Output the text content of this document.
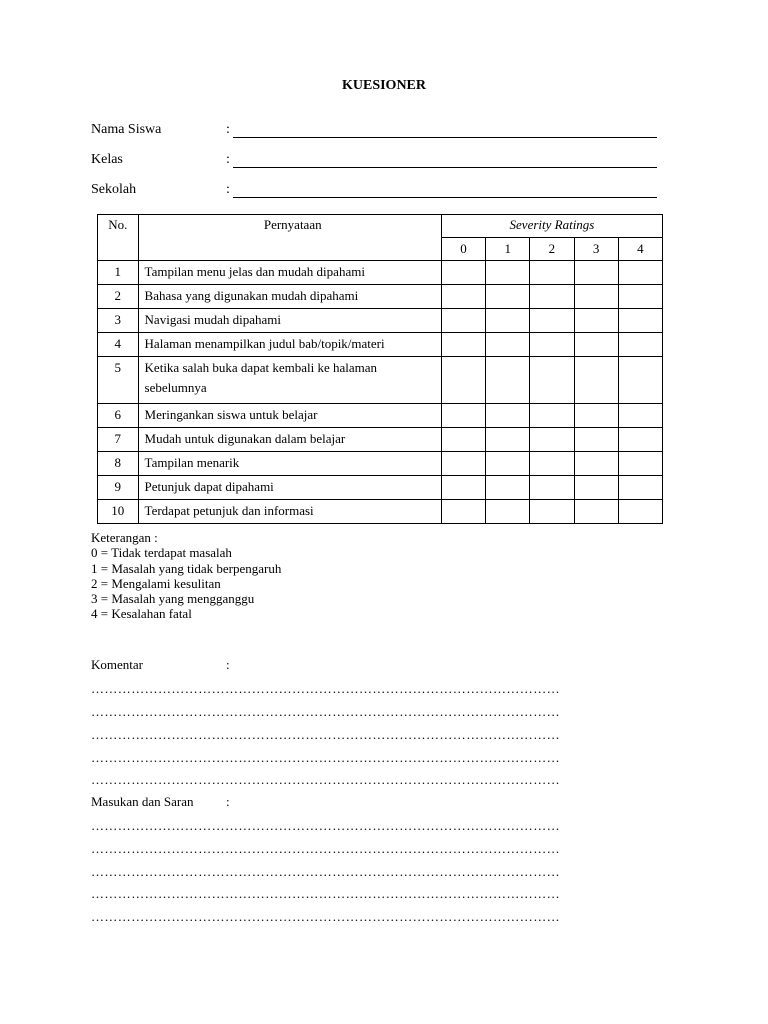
KUESIONER
Nama Siswa	:
Kelas	:
Sekolah	:
No.	Pernyataan	Severity Ratings				
		0	1	2	3	4
1	Tampilan menu jelas dan mudah dipahami					
2	Bahasa yang digunakan mudah dipahami					
3	Navigasi mudah dipahami					
4	Halaman menampilkan judul bab/topik/materi					
5	Ketika salah buka dapat kembali ke halaman sebelumnya					
6	Meringankan siswa untuk belajar					
7	Mudah untuk digunakan dalam belajar					
8	Tampilan menarik					
9	Petunjuk dapat dipahami					
10	Terdapat petunjuk dan informasi					
Keterangan :
0 = Tidak terdapat masalah
1 = Masalah yang tidak berpengaruh
2 = Mengalami kesulitan
3 = Masalah yang mengganggu
4 = Kesalahan fatal
Komentar	:
……………………………………………………………………………………………
……………………………………………………………………………………………
……………………………………………………………………………………………
……………………………………………………………………………………………
……………………………………………………………………………………………
Masukan dan Saran :
……………………………………………………………………………………………
……………………………………………………………………………………………
……………………………………………………………………………………………
……………………………………………………………………………………………
……………………………………………………………………………………………
